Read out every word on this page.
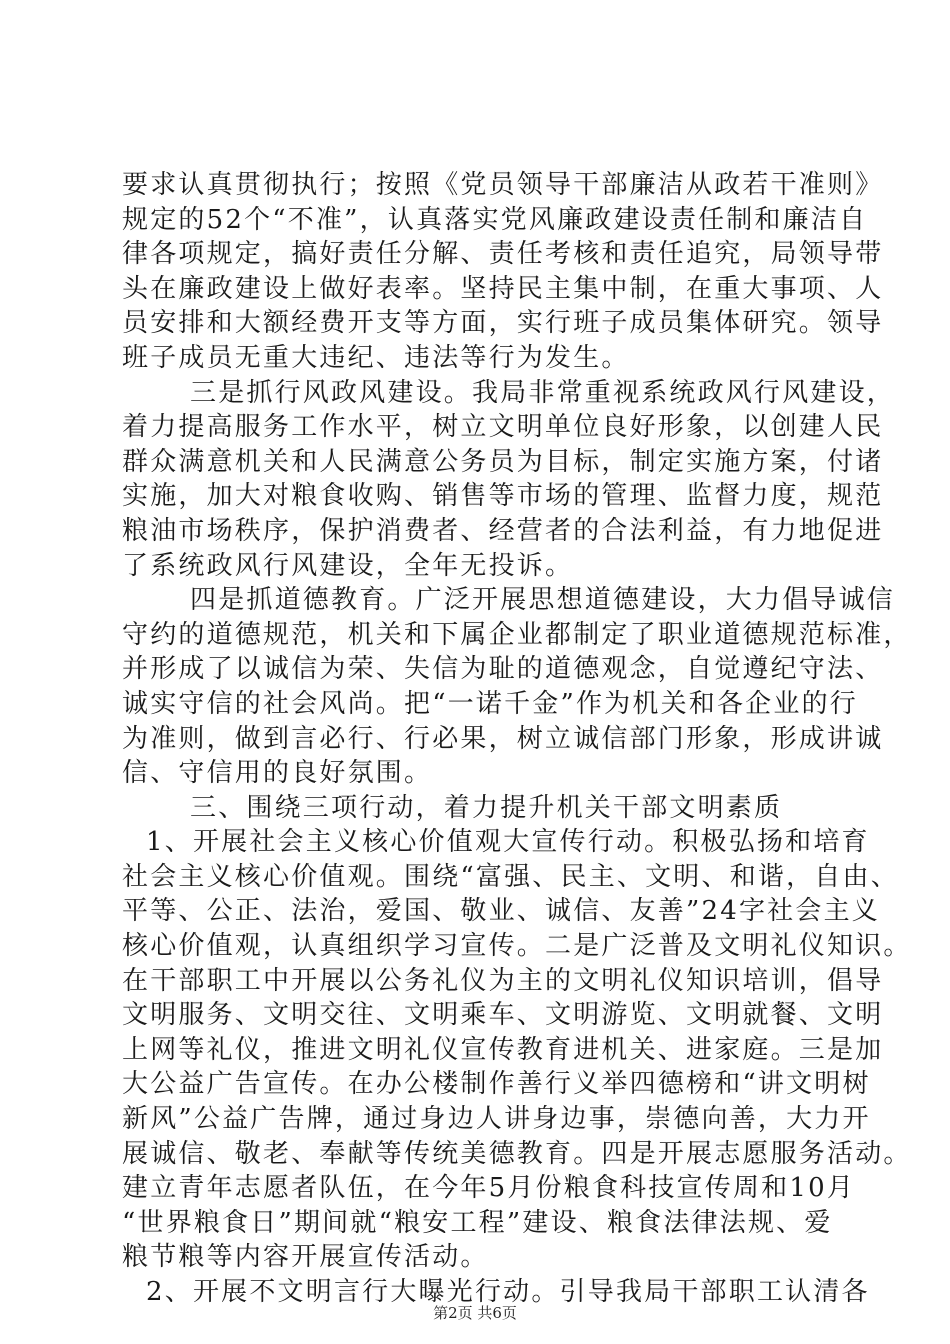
要求认真贯彻执行；按照《党员领导干部廉洁从政若干准则》
规定的52个“不准”，认真落实党风廉政建设责任制和廉洁自
律各项规定，搞好责任分解、责任考核和责任追究，局领导带
头在廉政建设上做好表率。坚持民主集中制，在重大事项、人
员安排和大额经费开支等方面，实行班子成员集体研究。领导
班子成员无重大违纪、违法等行为发生。
三是抓行风政风建设。我局非常重视系统政风行风建设，
着力提高服务工作水平，树立文明单位良好形象，以创建人民
群众满意机关和人民满意公务员为目标，制定实施方案，付诸
实施，加大对粮食收购、销售等市场的管理、监督力度，规范
粮油市场秩序，保护消费者、经营者的合法利益，有力地促进
了系统政风行风建设，全年无投诉。
四是抓道德教育。广泛开展思想道德建设，大力倡导诚信
守约的道德规范，机关和下属企业都制定了职业道德规范标准，
并形成了以诚信为荣、失信为耻的道德观念，自觉遵纪守法、
诚实守信的社会风尚。把“一诺千金”作为机关和各企业的行
为准则，做到言必行、行必果，树立诚信部门形象，形成讲诚
信、守信用的良好氛围。
三、围绕三项行动，着力提升机关干部文明素质
1、开展社会主义核心价值观大宣传行动。积极弘扬和培育
社会主义核心价值观。围绕“富强、民主、文明、和谐，自由、
平等、公正、法治，爱国、敬业、诚信、友善”24字社会主义
核心价值观，认真组织学习宣传。二是广泛普及文明礼仪知识。
在干部职工中开展以公务礼仪为主的文明礼仪知识培训，倡导
文明服务、文明交往、文明乘车、文明游览、文明就餐、文明
上网等礼仪，推进文明礼仪宣传教育进机关、进家庭。三是加
大公益广告宣传。在办公楼制作善行义举四德榜和“讲文明树
新风”公益广告牌，通过身边人讲身边事，崇德向善，大力开
展诚信、敬老、奉献等传统美德教育。四是开展志愿服务活动。
建立青年志愿者队伍，在今年5月份粮食科技宣传周和10月
“世界粮食日”期间就“粮安工程”建设、粮食法律法规、爱
粮节粮等内容开展宣传活动。
2、开展不文明言行大曝光行动。引导我局干部职工认清各
第2页 共6页
